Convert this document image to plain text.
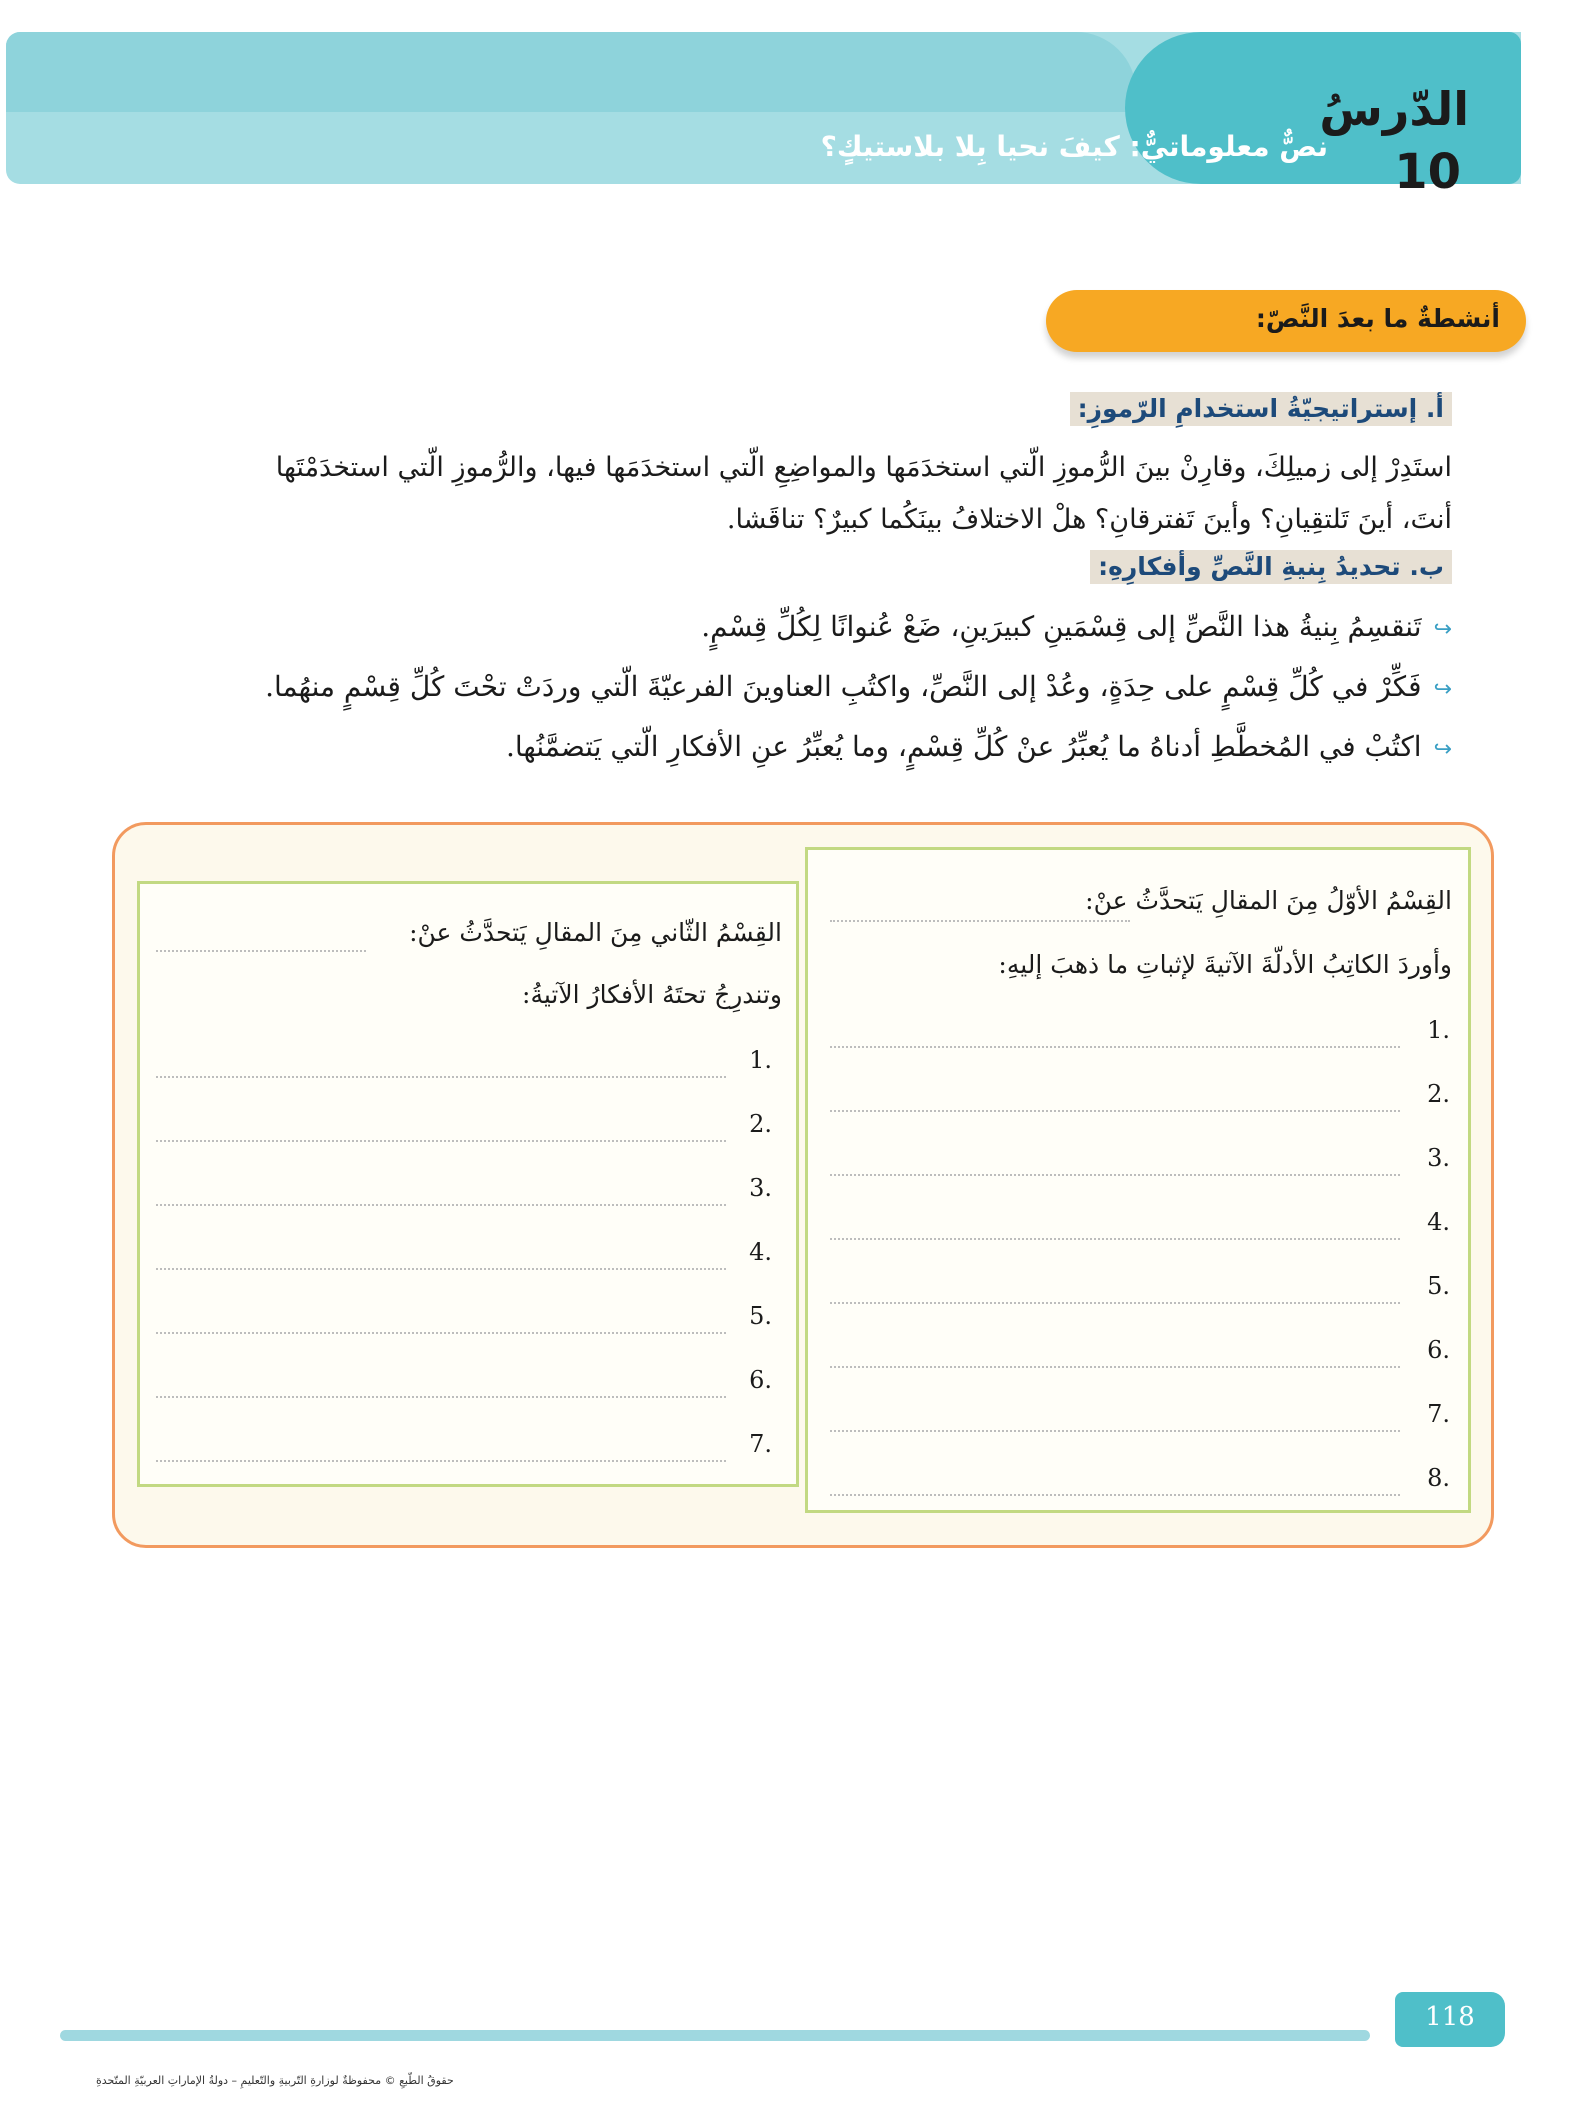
الدّرسُ
10
نصٌّ معلوماتيٌّ: كيفَ نحيا بِلا بلاستيكٍ؟
أنشطةٌ ما بعدَ النَّصّ:
أ. إستراتيجيّةُ استخدامِ الرّموزِ:
استَدِرْ إلى زميلِكَ، وقارِنْ بينَ الرُّموزِ الّتي استخدَمَها والمواضِعِ الّتي استخدَمَها فيها، والرُّموزِ الّتي استخدَمْتَها
أنتَ، أينَ تَلتقِيانِ؟ وأينَ تَفترقانِ؟ هلْ الاختلافُ بينَكُما كبيرٌ؟ تناقَشا.
ب. تحديدُ بِنيةِ النَّصِّ وأفكارِهِ:
↪تَنقسِمُ بِنيةُ هذا النَّصِّ إلى قِسْمَينِ كبيرَينِ، ضَعْ عُنوانًا لِكُلِّ قِسْمٍ.
↪فَكِّرْ في كُلِّ قِسْمٍ على حِدَةٍ، وعُدْ إلى النَّصِّ، واكتُبِ العناوينَ الفرعيّةَ الّتي وردَتْ تحْتَ كُلِّ قِسْمٍ منهُما.
↪اكتُبْ في المُخطَّطِ أدناهُ ما يُعبِّرُ عنْ كُلِّ قِسْمٍ، وما يُعبِّرُ عنِ الأفكارِ الّتي يَتضمَّنُها.
القِسْمُ الأوّلُ مِنَ المقالِ يَتحدَّثُ عنْ:
وأوردَ الكاتِبُ الأدلّةَ الآتيةَ لإثباتِ ما ذهبَ إليهِ:
.1
.2
.3
.4
.5
.6
.7
.8
القِسْمُ الثّاني مِنَ المقالِ يَتحدَّثُ عنْ:
وتندرِجُ تحتَهُ الأفكارُ الآتيةُ:
.1
.2
.3
.4
.5
.6
.7
118
حقوقُ الطّبعِ © محفوظةٌ لوزارةِ التّربيةِ والتّعليمِ – دولةُ الإماراتِ العربيّةِ المتّحدةِ
